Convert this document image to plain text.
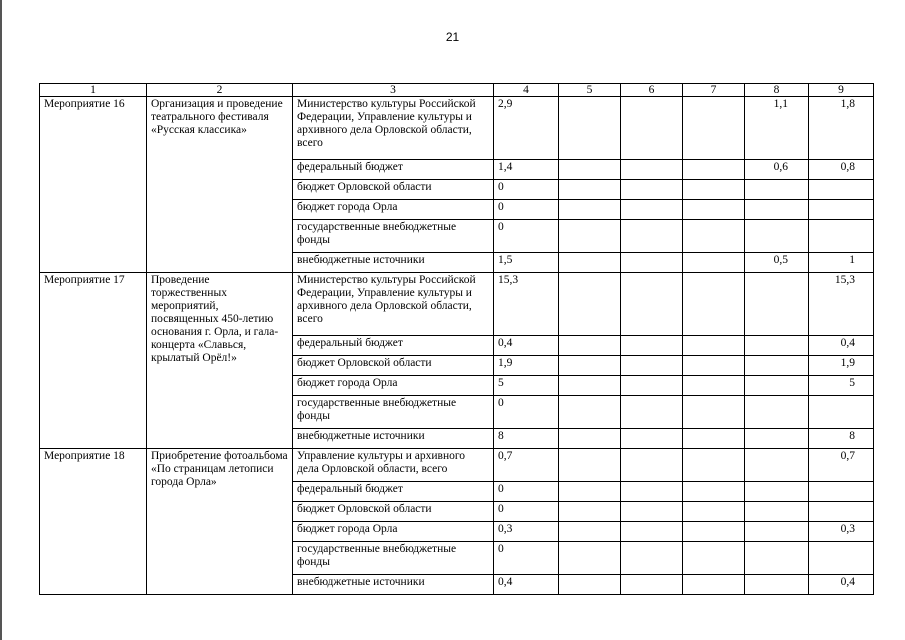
21
1	2	3	4	5	6	7	8	9
Мероприятие 16	Организация и проведение театрального фестиваля «Русская классика»	Министерство культуры Российской Федерации, Управление культуры и архивного дела Орловской области, всего	2,9				1,1	1,8
		федеральный бюджет	1,4				0,6	0,8
		бюджет Орловской области	0					
		бюджет города Орла	0					
		государственные внебюджетные фонды	0					
		внебюджетные источники	1,5				0,5	1
Мероприятие 17	Проведение торжественных мероприятий, посвященных 450-летию основания г. Орла, и гала-концерта «Славься, крылатый Орёл!»	Министерство культуры Российской Федерации, Управление культуры и архивного дела Орловской области, всего	15,3					15,3
		федеральный бюджет	0,4					0,4
		бюджет Орловской области	1,9					1,9
		бюджет города Орла	5					5
		государственные внебюджетные фонды	0					
		внебюджетные источники	8					8
Мероприятие 18	Приобретение фотоальбома «По страницам летописи города Орла»	Управление культуры и архивного дела Орловской области, всего	0,7					0,7
		федеральный бюджет	0					
		бюджет Орловской области	0					
		бюджет города Орла	0,3					0,3
		государственные внебюджетные фонды	0					
		внебюджетные источники	0,4					0,4
